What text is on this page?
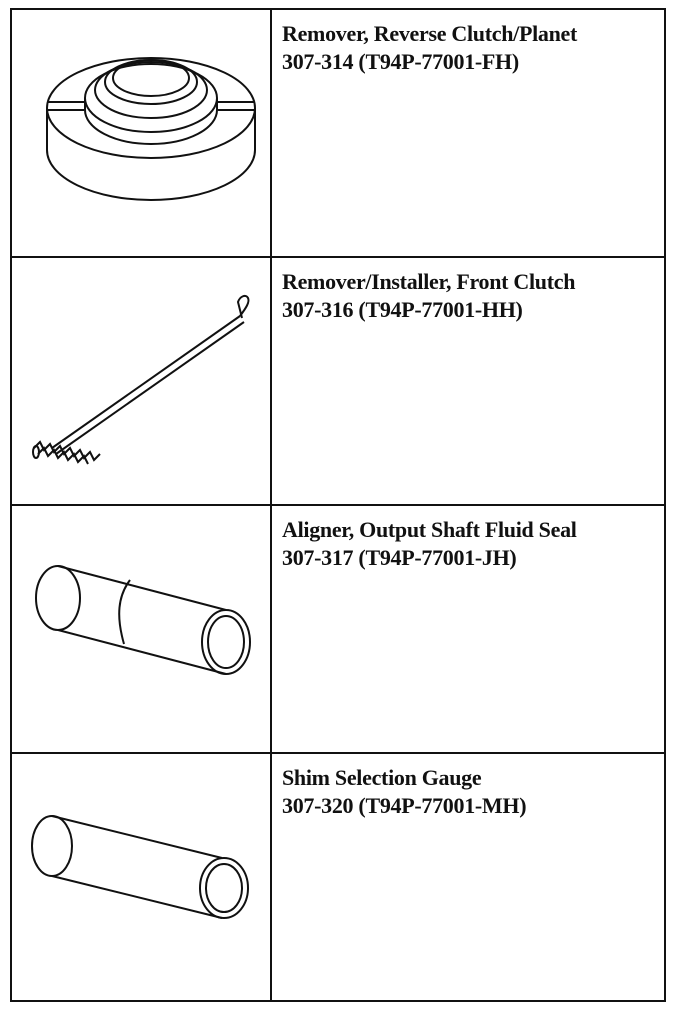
Remover, Reverse Clutch/Planet
307-314 (T94P-77001-FH)
Remover/Installer, Front Clutch
307-316 (T94P-77001-HH)
Aligner, Output Shaft Fluid Seal
307-317 (T94P-77001-JH)
Shim Selection Gauge
307-320 (T94P-77001-MH)
